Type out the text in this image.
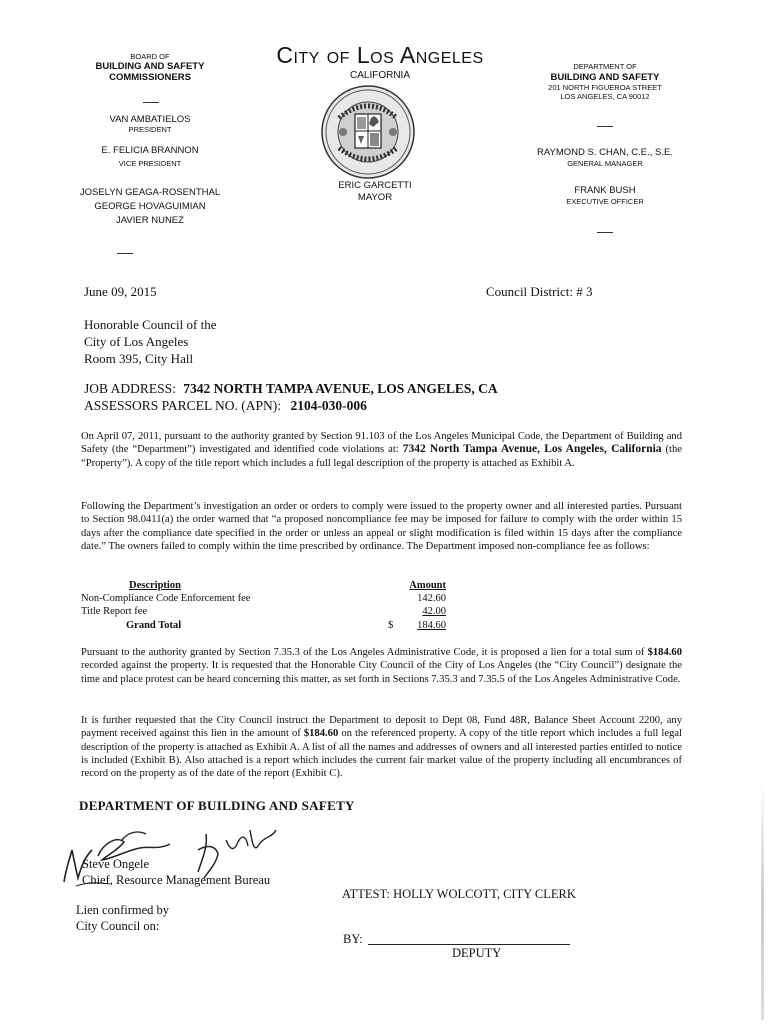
BOARD OF
BUILDING AND SAFETY
COMMISSIONERS
VAN AMBATIELOS
PRESIDENT
E. FELICIA BRANNON
VICE PRESIDENT
JOSELYN GEAGA-ROSENTHAL
GEORGE HOVAGUIMIAN
JAVIER NUNEZ
City of Los Angeles
CALIFORNIA
ERIC GARCETTI
MAYOR
DEPARTMENT OF
BUILDING AND SAFETY
201 NORTH FIGUEROA STREET
LOS ANGELES, CA 90012
RAYMOND S. CHAN, C.E., S.E.
GENERAL MANAGER
FRANK BUSH
EXECUTIVE OFFICER
June 09, 2015	Council District: # 3
Honorable Council of the
City of Los Angeles
Room 395, City Hall
JOB ADDRESS: 7342 NORTH TAMPA AVENUE, LOS ANGELES, CA
ASSESSORS PARCEL NO. (APN): 2104-030-006
On April 07, 2011, pursuant to the authority granted by Section 91.103 of the Los Angeles Municipal Code, the Department of Building and Safety (the “Department”) investigated and identified code violations at: 7342 North Tampa Avenue, Los Angeles, California (the “Property”). A copy of the title report which includes a full legal description of the property is attached as Exhibit A.
Following the Department’s investigation an order or orders to comply were issued to the property owner and all interested parties. Pursuant to Section 98.0411(a) the order warned that “a proposed noncompliance fee may be imposed for failure to comply with the order within 15 days after the compliance date specified in the order or unless an appeal or slight modification is filed within 15 days after the compliance date.” The owners failed to comply within the time prescribed by ordinance. The Department imposed non-compliance fee as follows:
Description	Amount
Non-Compliance Code Enforcement fee	142.60
Title Report fee	42.00
Grand Total	$	184.60
Pursuant to the authority granted by Section 7.35.3 of the Los Angeles Administrative Code, it is proposed a lien for a total sum of $184.60 recorded against the property. It is requested that the Honorable City Council of the City of Los Angeles (the “City Council”) designate the time and place protest can be heard concerning this matter, as set forth in Sections 7.35.3 and 7.35.5 of the Los Angeles Administrative Code.
It is further requested that the City Council instruct the Department to deposit to Dept 08, Fund 48R, Balance Sheet Account 2200, any payment received against this lien in the amount of $184.60 on the referenced property. A copy of the title report which includes a full legal description of the property is attached as Exhibit A. A list of all the names and addresses of owners and all interested parties entitled to notice is included (Exhibit B). Also attached is a report which includes the current fair market value of the property including all encumbrances of record on the property as of the date of the report (Exhibit C).
DEPARTMENT OF BUILDING AND SAFETY
Steve Ongele
Chief, Resource Management Bureau
ATTEST: HOLLY WOLCOTT, CITY CLERK
Lien confirmed by
City Council on:
BY:
DEPUTY
